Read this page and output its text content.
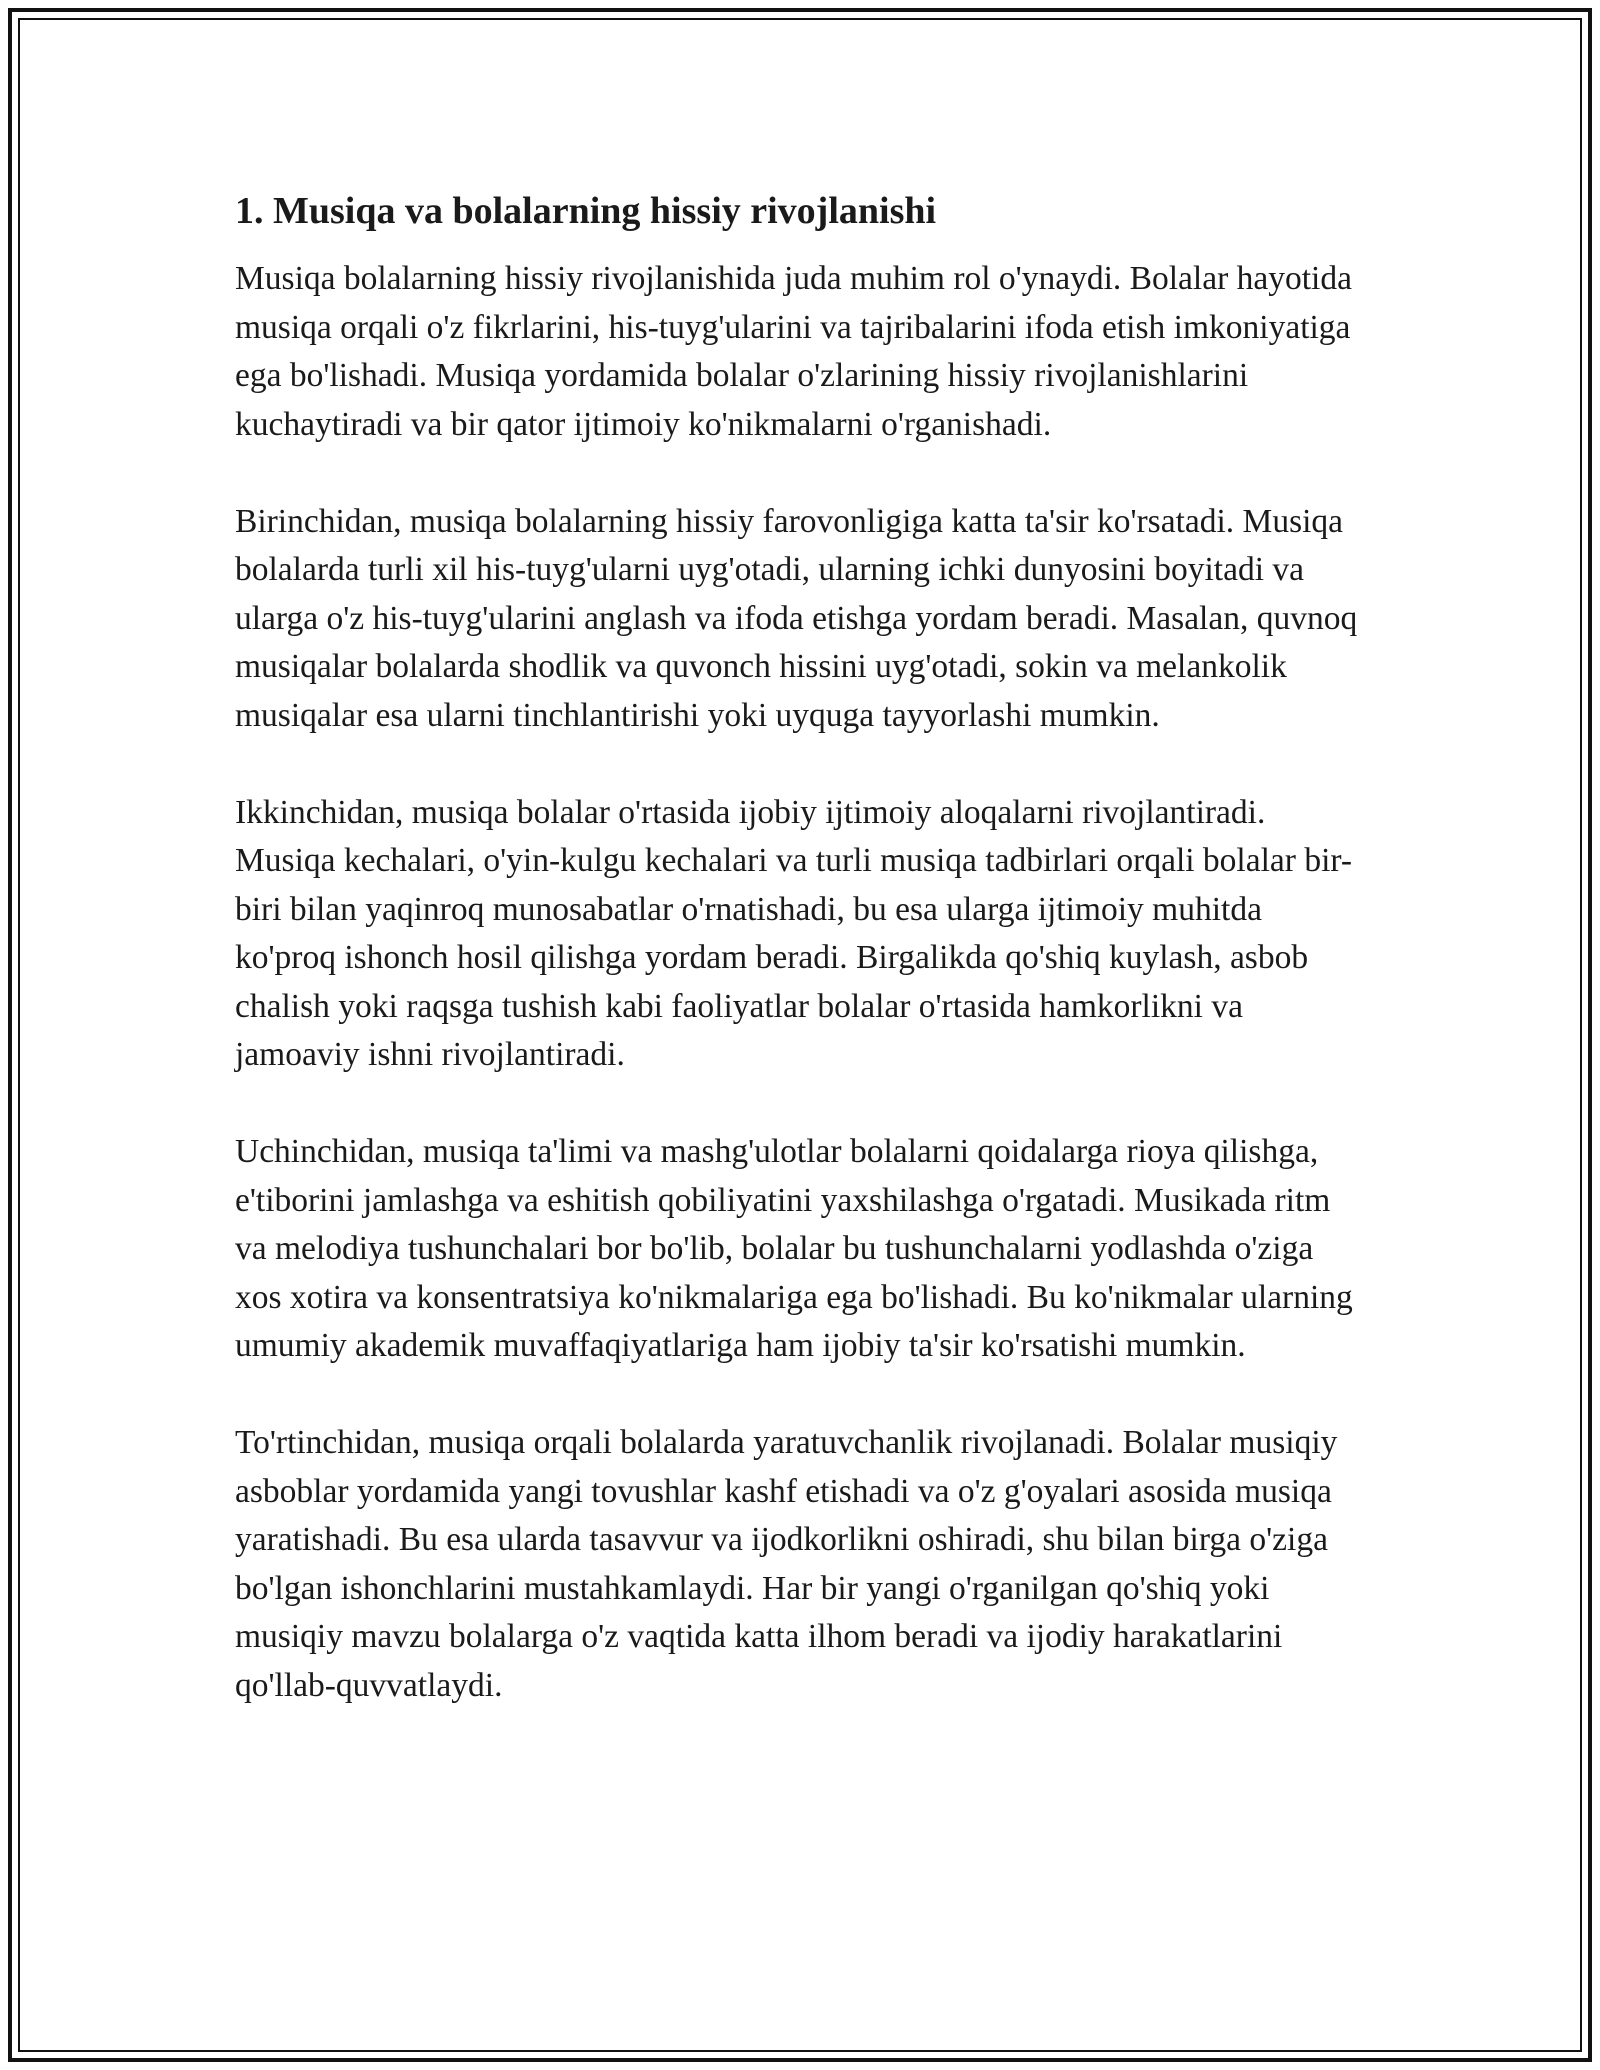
1. Musiqa va bolalarning hissiy rivojlanishi

Musiqa bolalarning hissiy rivojlanishida juda muhim rol o'ynaydi. Bolalar hayotida musiqa orqali o'z fikrlarini, his-tuyg'ularini va tajribalarini ifoda etish imkoniyatiga ega bo'lishadi. Musiqa yordamida bolalar o'zlarining hissiy rivojlanishlarini kuchaytiradi va bir qator ijtimoiy ko'nikmalarni o'rganishadi.

Birinchidan, musiqa bolalarning hissiy farovonligiga katta ta'sir ko'rsatadi. Musiqa bolalarda turli xil his-tuyg'ularni uyg'otadi, ularning ichki dunyosini boyitadi va ularga o'z his-tuyg'ularini anglash va ifoda etishga yordam beradi. Masalan, quvnoq musiqalar bolalarda shodlik va quvonch hissini uyg'otadi, sokin va melankolik musiqalar esa ularni tinchlantirishi yoki uyquga tayyorlashi mumkin.

Ikkinchidan, musiqa bolalar o'rtasida ijobiy ijtimoiy aloqalarni rivojlantiradi. Musiqa kechalari, o'yin-kulgu kechalari va turli musiqa tadbirlari orqali bolalar bir-biri bilan yaqinroq munosabatlar o'rnatishadi, bu esa ularga ijtimoiy muhitda ko'proq ishonch hosil qilishga yordam beradi. Birgalikda qo'shiq kuylash, asbob chalish yoki raqsga tushish kabi faoliyatlar bolalar o'rtasida hamkorlikni va jamoaviy ishni rivojlantiradi.

Uchinchidan, musiqa ta'limi va mashg'ulotlar bolalarni qoidalarga rioya qilishga, e'tiborini jamlashga va eshitish qobiliyatini yaxshilashga o'rgatadi. Musikada ritm va melodiya tushunchalari bor bo'lib, bolalar bu tushunchalarni yodlashda o'ziga xos xotira va konsentratsiya ko'nikmalariga ega bo'lishadi. Bu ko'nikmalar ularning umumiy akademik muvaffaqiyatlariga ham ijobiy ta'sir ko'rsatishi mumkin.

To'rtinchidan, musiqa orqali bolalarda yaratuvchanlik rivojlanadi. Bolalar musiqiy asboblar yordamida yangi tovushlar kashf etishadi va o'z g'oyalari asosida musiqa yaratishadi. Bu esa ularda tasavvur va ijodkorlikni oshiradi, shu bilan birga o'ziga bo'lgan ishonchlarini mustahkamlaydi. Har bir yangi o'rganilgan qo'shiq yoki musiqiy mavzu bolalarga o'z vaqtida katta ilhom beradi va ijodiy harakatlarini qo'llab-quvvatlaydi.
